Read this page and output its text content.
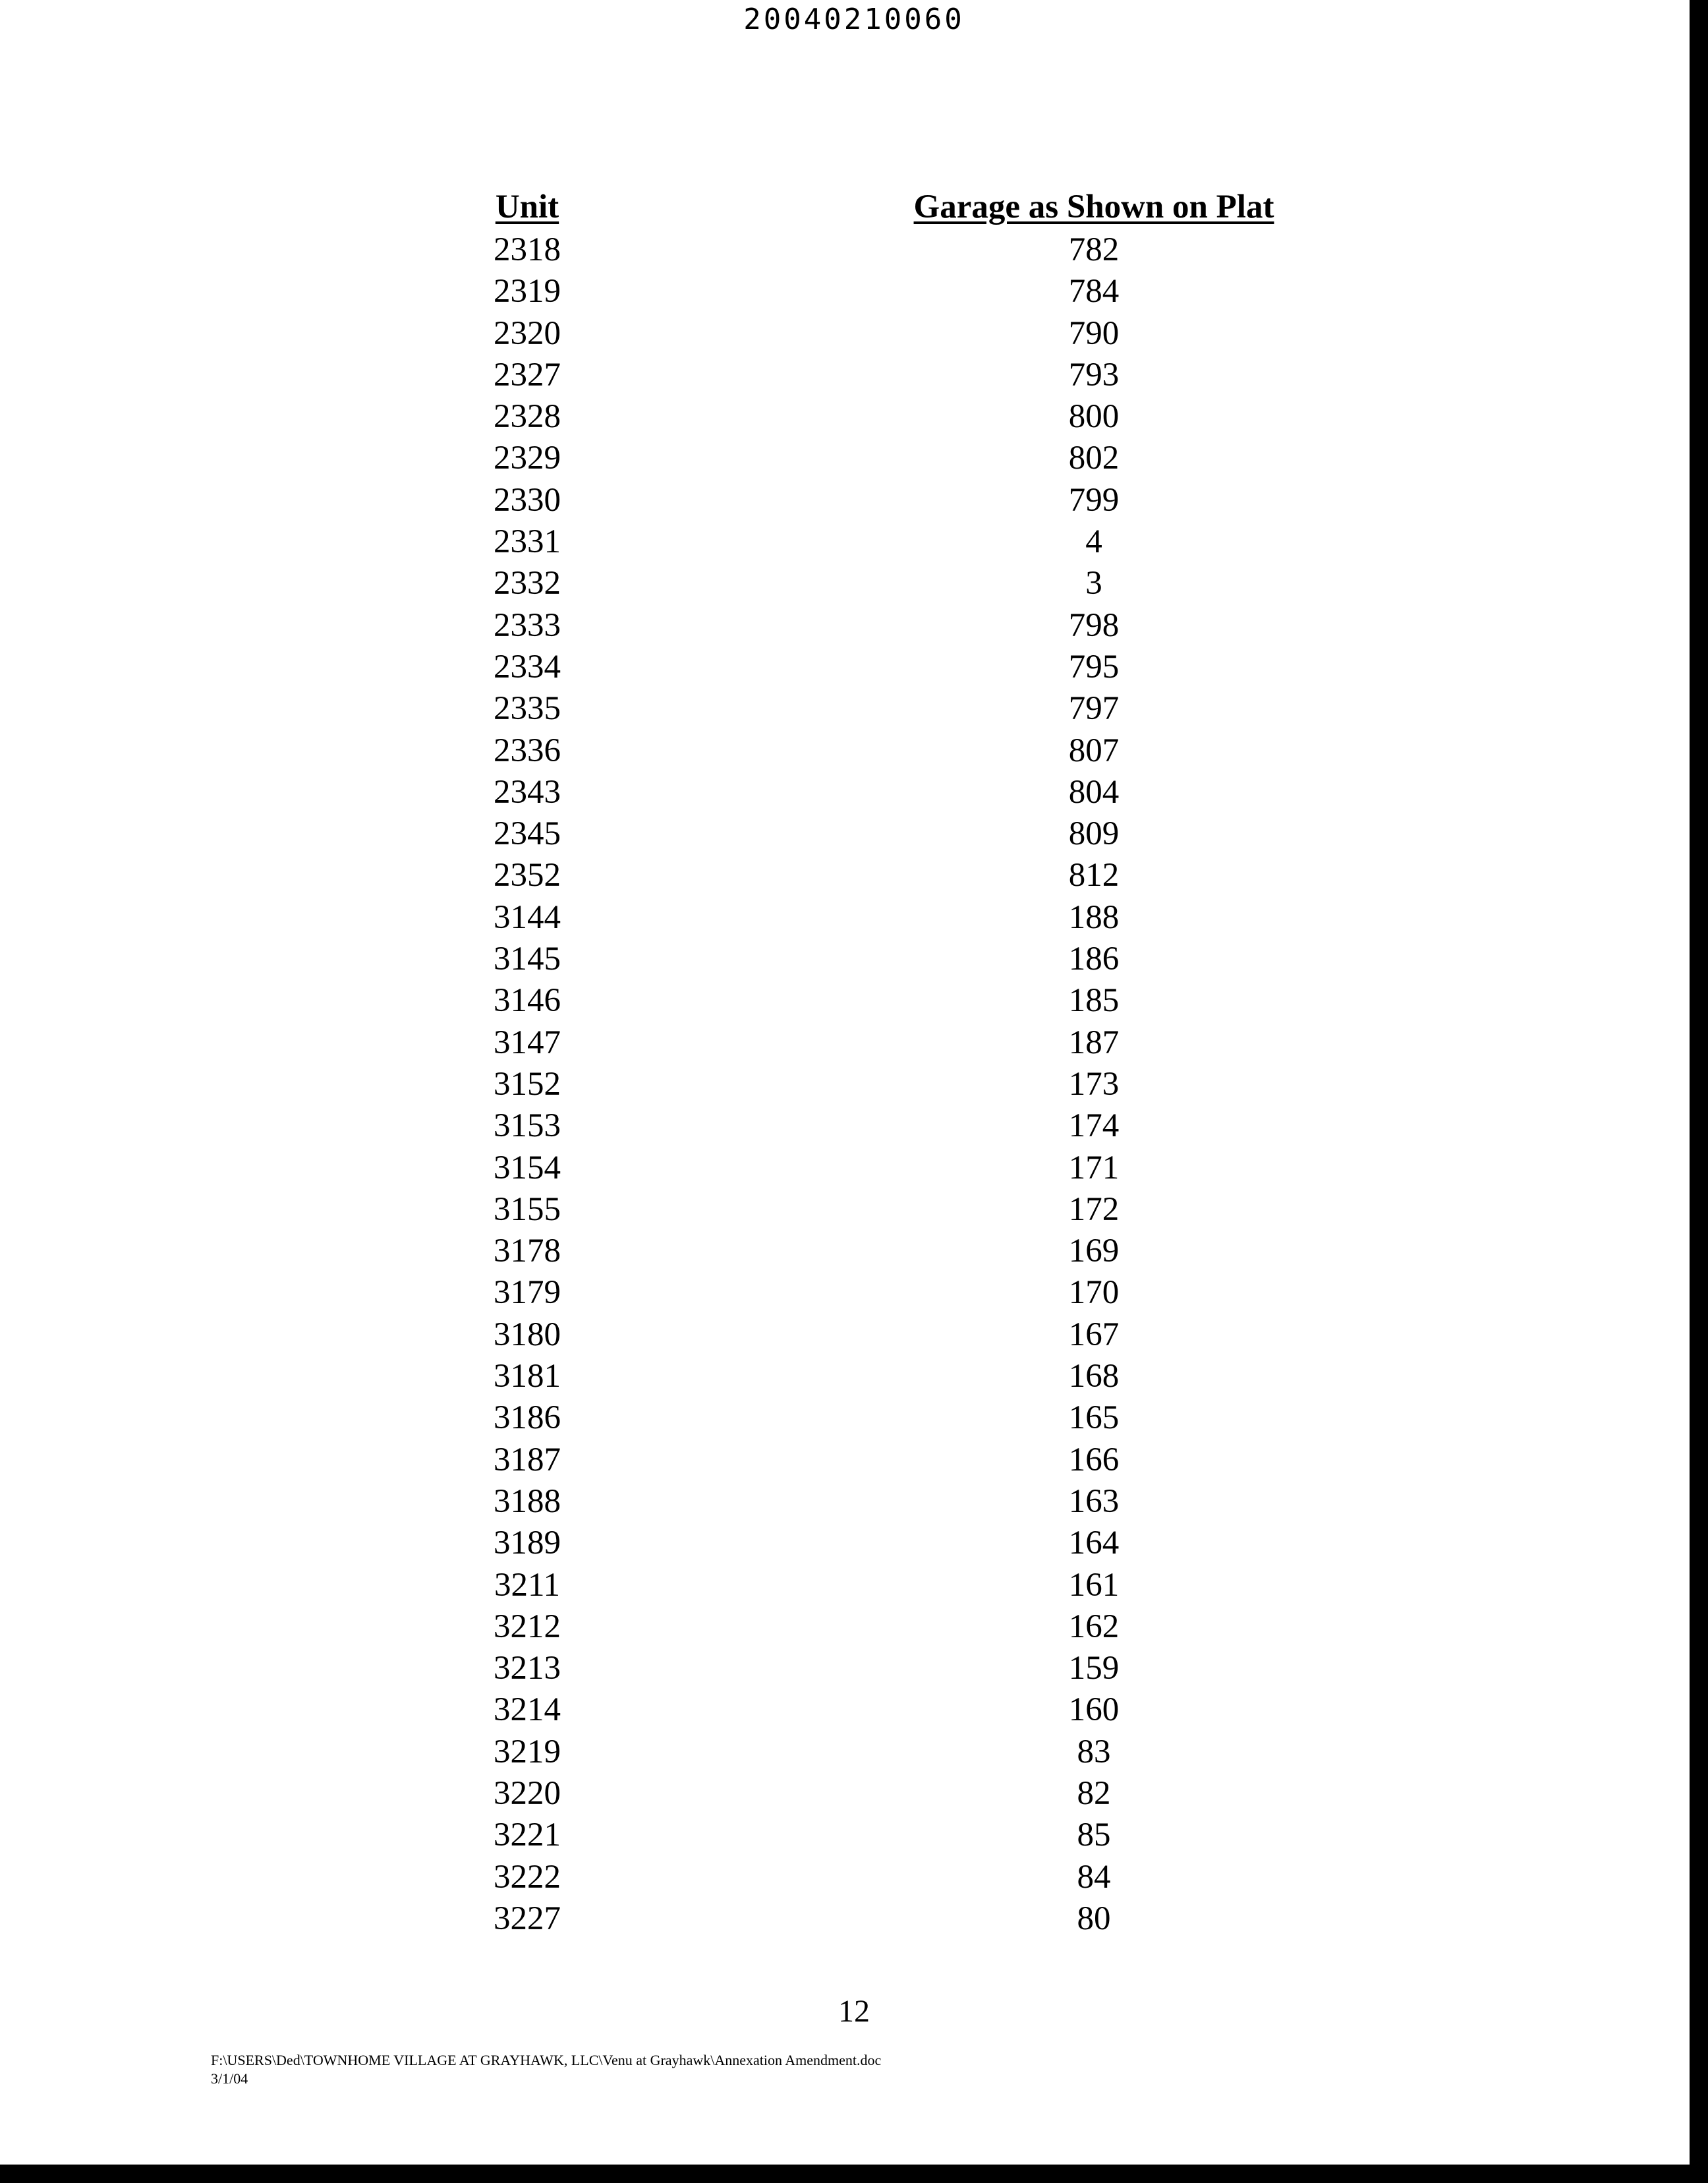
20040210060
Unit	Garage as Shown on Plat
2318	782
2319	784
2320	790
2327	793
2328	800
2329	802
2330	799
2331	4
2332	3
2333	798
2334	795
2335	797
2336	807
2343	804
2345	809
2352	812
3144	188
3145	186
3146	185
3147	187
3152	173
3153	174
3154	171
3155	172
3178	169
3179	170
3180	167
3181	168
3186	165
3187	166
3188	163
3189	164
3211	161
3212	162
3213	159
3214	160
3219	83
3220	82
3221	85
3222	84
3227	80
12
F:\USERS\Ded\TOWNHOME VILLAGE AT GRAYHAWK, LLC\Venu at Grayhawk\Annexation Amendment.doc
3/1/04
